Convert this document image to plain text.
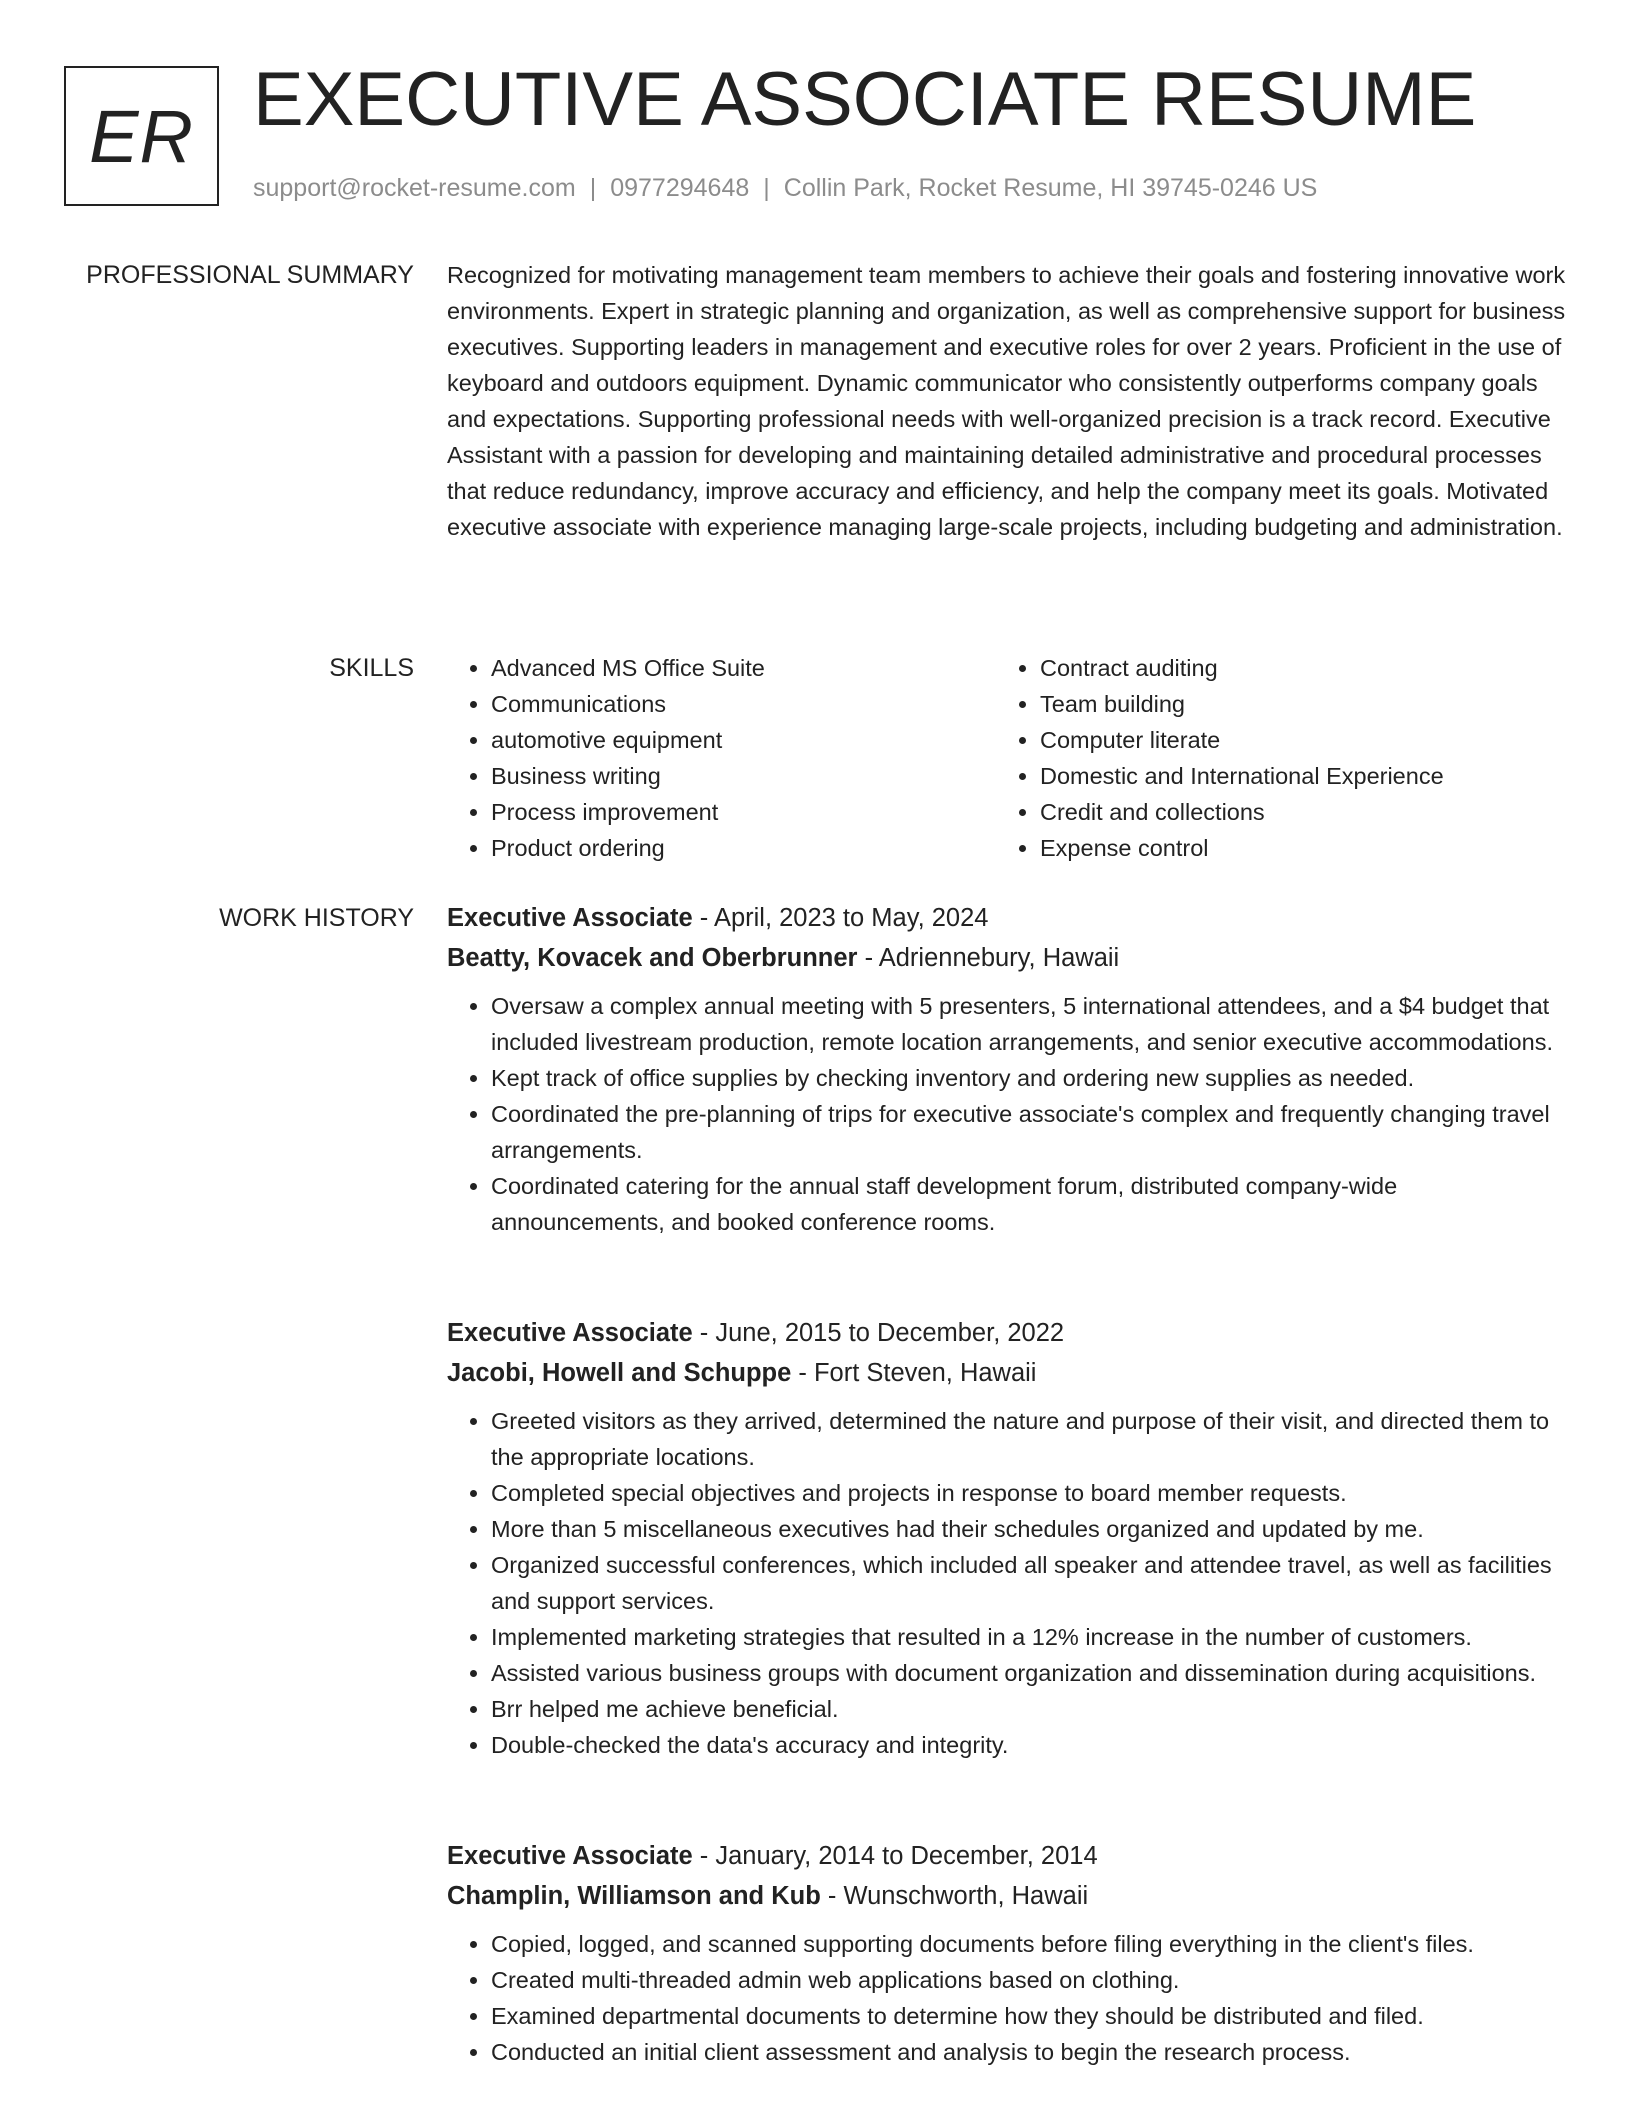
ER EXECUTIVE ASSOCIATE RESUME
support@rocket-resume.com | 0977294648 | Collin Park, Rocket Resume, HI 39745-0246 US
PROFESSIONAL SUMMARY Recognized for motivating management team members to achieve their goals and fostering innovative work environments. Expert in strategic planning and organization, as well as comprehensive support for business executives. Supporting leaders in management and executive roles for over 2 years. Proficient in the use of keyboard and outdoors equipment. Dynamic communicator who consistently outperforms company goals and expectations. Supporting professional needs with well-organized precision is a track record. Executive Assistant with a passion for developing and maintaining detailed administrative and procedural processes that reduce redundancy, improve accuracy and efficiency, and help the company meet its goals. Motivated executive associate with experience managing large-scale projects, including budgeting and administration.

SKILLS
•	Advanced MS Office Suite
• Communications
• automotive equipment
• Business writing
• Process improvement
• Product ordering
• Contract auditing
• Team building
• Computer literate
• Domestic and International Experience
• Credit and collections
• Expense control
WORK HISTORY Executive Associate - April, 2023 to May, 2024
Beatty, Kovacek and Oberbrunner - Adriennebury, Hawaii
• Oversaw a complex annual meeting with 5 presenters, 5 international attendees, and a $4 budget that included livestream production, remote location arrangements, and senior executive accommodations.
• Kept track of office supplies by checking inventory and ordering new supplies as needed.
• Coordinated the pre-planning of trips for executive associate's complex and frequently changing travel arrangements.
• Coordinated catering for the annual staff development forum, distributed company-wide announcements, and booked conference rooms.
Executive Associate - June, 2015 to December, 2022
Jacobi, Howell and Schuppe - Fort Steven, Hawaii
• Greeted visitors as they arrived, determined the nature and purpose of their visit, and directed them to the appropriate locations.
• Completed special objectives and projects in response to board member requests.
• More than 5 miscellaneous executives had their schedules organized and updated by me.
• Organized successful conferences, which included all speaker and attendee travel, as well as facilities and support services.
• Implemented marketing strategies that resulted in a 12% increase in the number of customers.
• Assisted various business groups with document organization and dissemination during acquisitions.
• Brr helped me achieve beneficial.
• Double-checked the data's accuracy and integrity.
Executive Associate - January, 2014 to December, 2014
Champlin, Williamson and Kub - Wunschworth, Hawaii
• Copied, logged, and scanned supporting documents before filing everything in the client's files.
• Created multi-threaded admin web applications based on clothing.
• Examined departmental documents to determine how they should be distributed and filed.
• Conducted an initial client assessment and analysis to begin the research process.
